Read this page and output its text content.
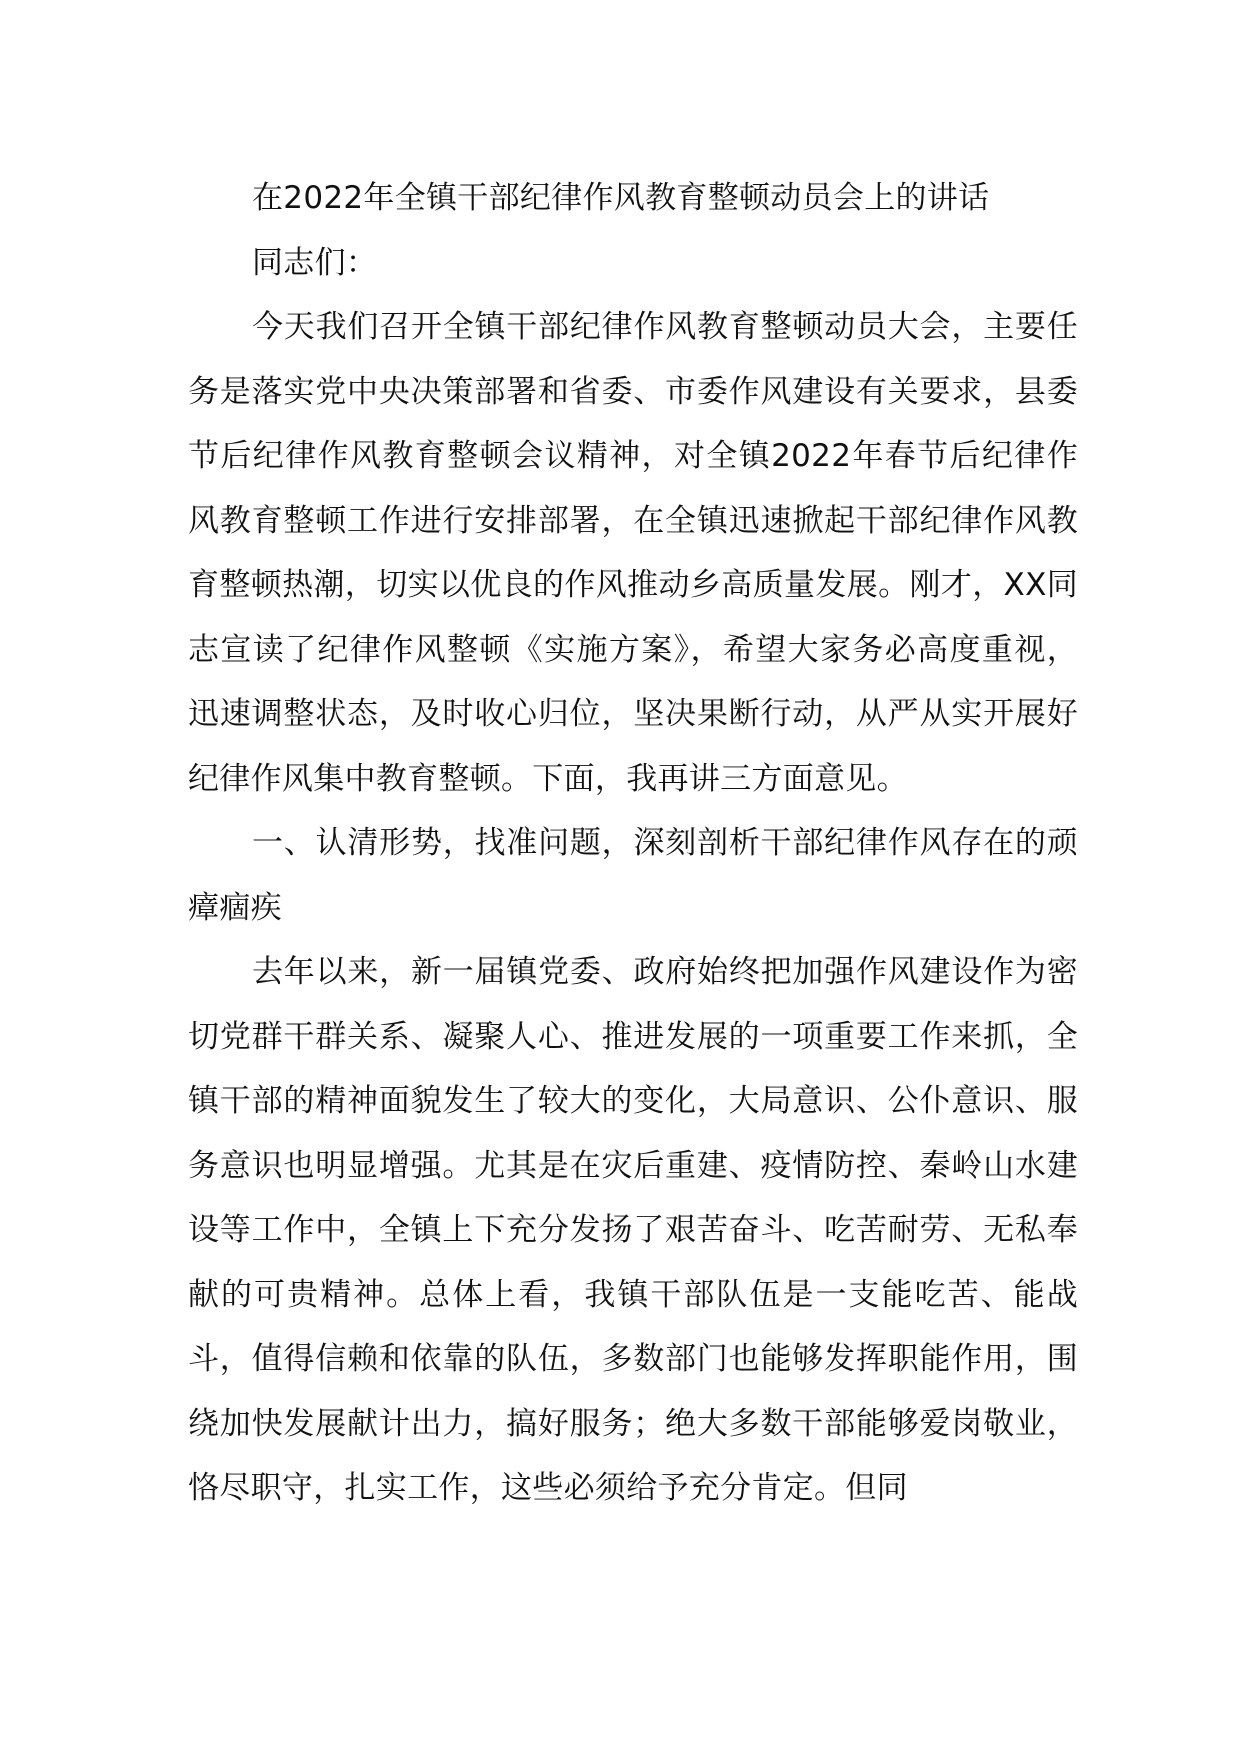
在2022年全镇干部纪律作风教育整顿动员会上的讲话

同志们：

今天我们召开全镇干部纪律作风教育整顿动员大会，主要任务是落实党中央决策部署和省委、市委作风建设有关要求，县委节后纪律作风教育整顿会议精神，对全镇2022年春节后纪律作风教育整顿工作进行安排部署，在全镇迅速掀起干部纪律作风教育整顿热潮，切实以优良的作风推动乡高质量发展。刚才，XX同志宣读了纪律作风整顿《实施方案》，希望大家务必高度重视，迅速调整状态，及时收心归位，坚决果断行动，从严从实开展好纪律作风集中教育整顿。下面，我再讲三方面意见。

一、认清形势，找准问题，深刻剖析干部纪律作风存在的顽瘴痼疾

去年以来，新一届镇党委、政府始终把加强作风建设作为密切党群干群关系、凝聚人心、推进发展的一项重要工作来抓，全镇干部的精神面貌发生了较大的变化，大局意识、公仆意识、服务意识也明显增强。尤其是在灾后重建、疫情防控、秦岭山水建设等工作中，全镇上下充分发扬了艰苦奋斗、吃苦耐劳、无私奉献的可贵精神。总体上看，我镇干部队伍是一支能吃苦、能战斗，值得信赖和依靠的队伍，多数部门也能够发挥职能作用，围绕加快发展献计出力，搞好服务；绝大多数干部能够爱岗敬业，恪尽职守，扎实工作，这些必须给予充分肯定。但同
